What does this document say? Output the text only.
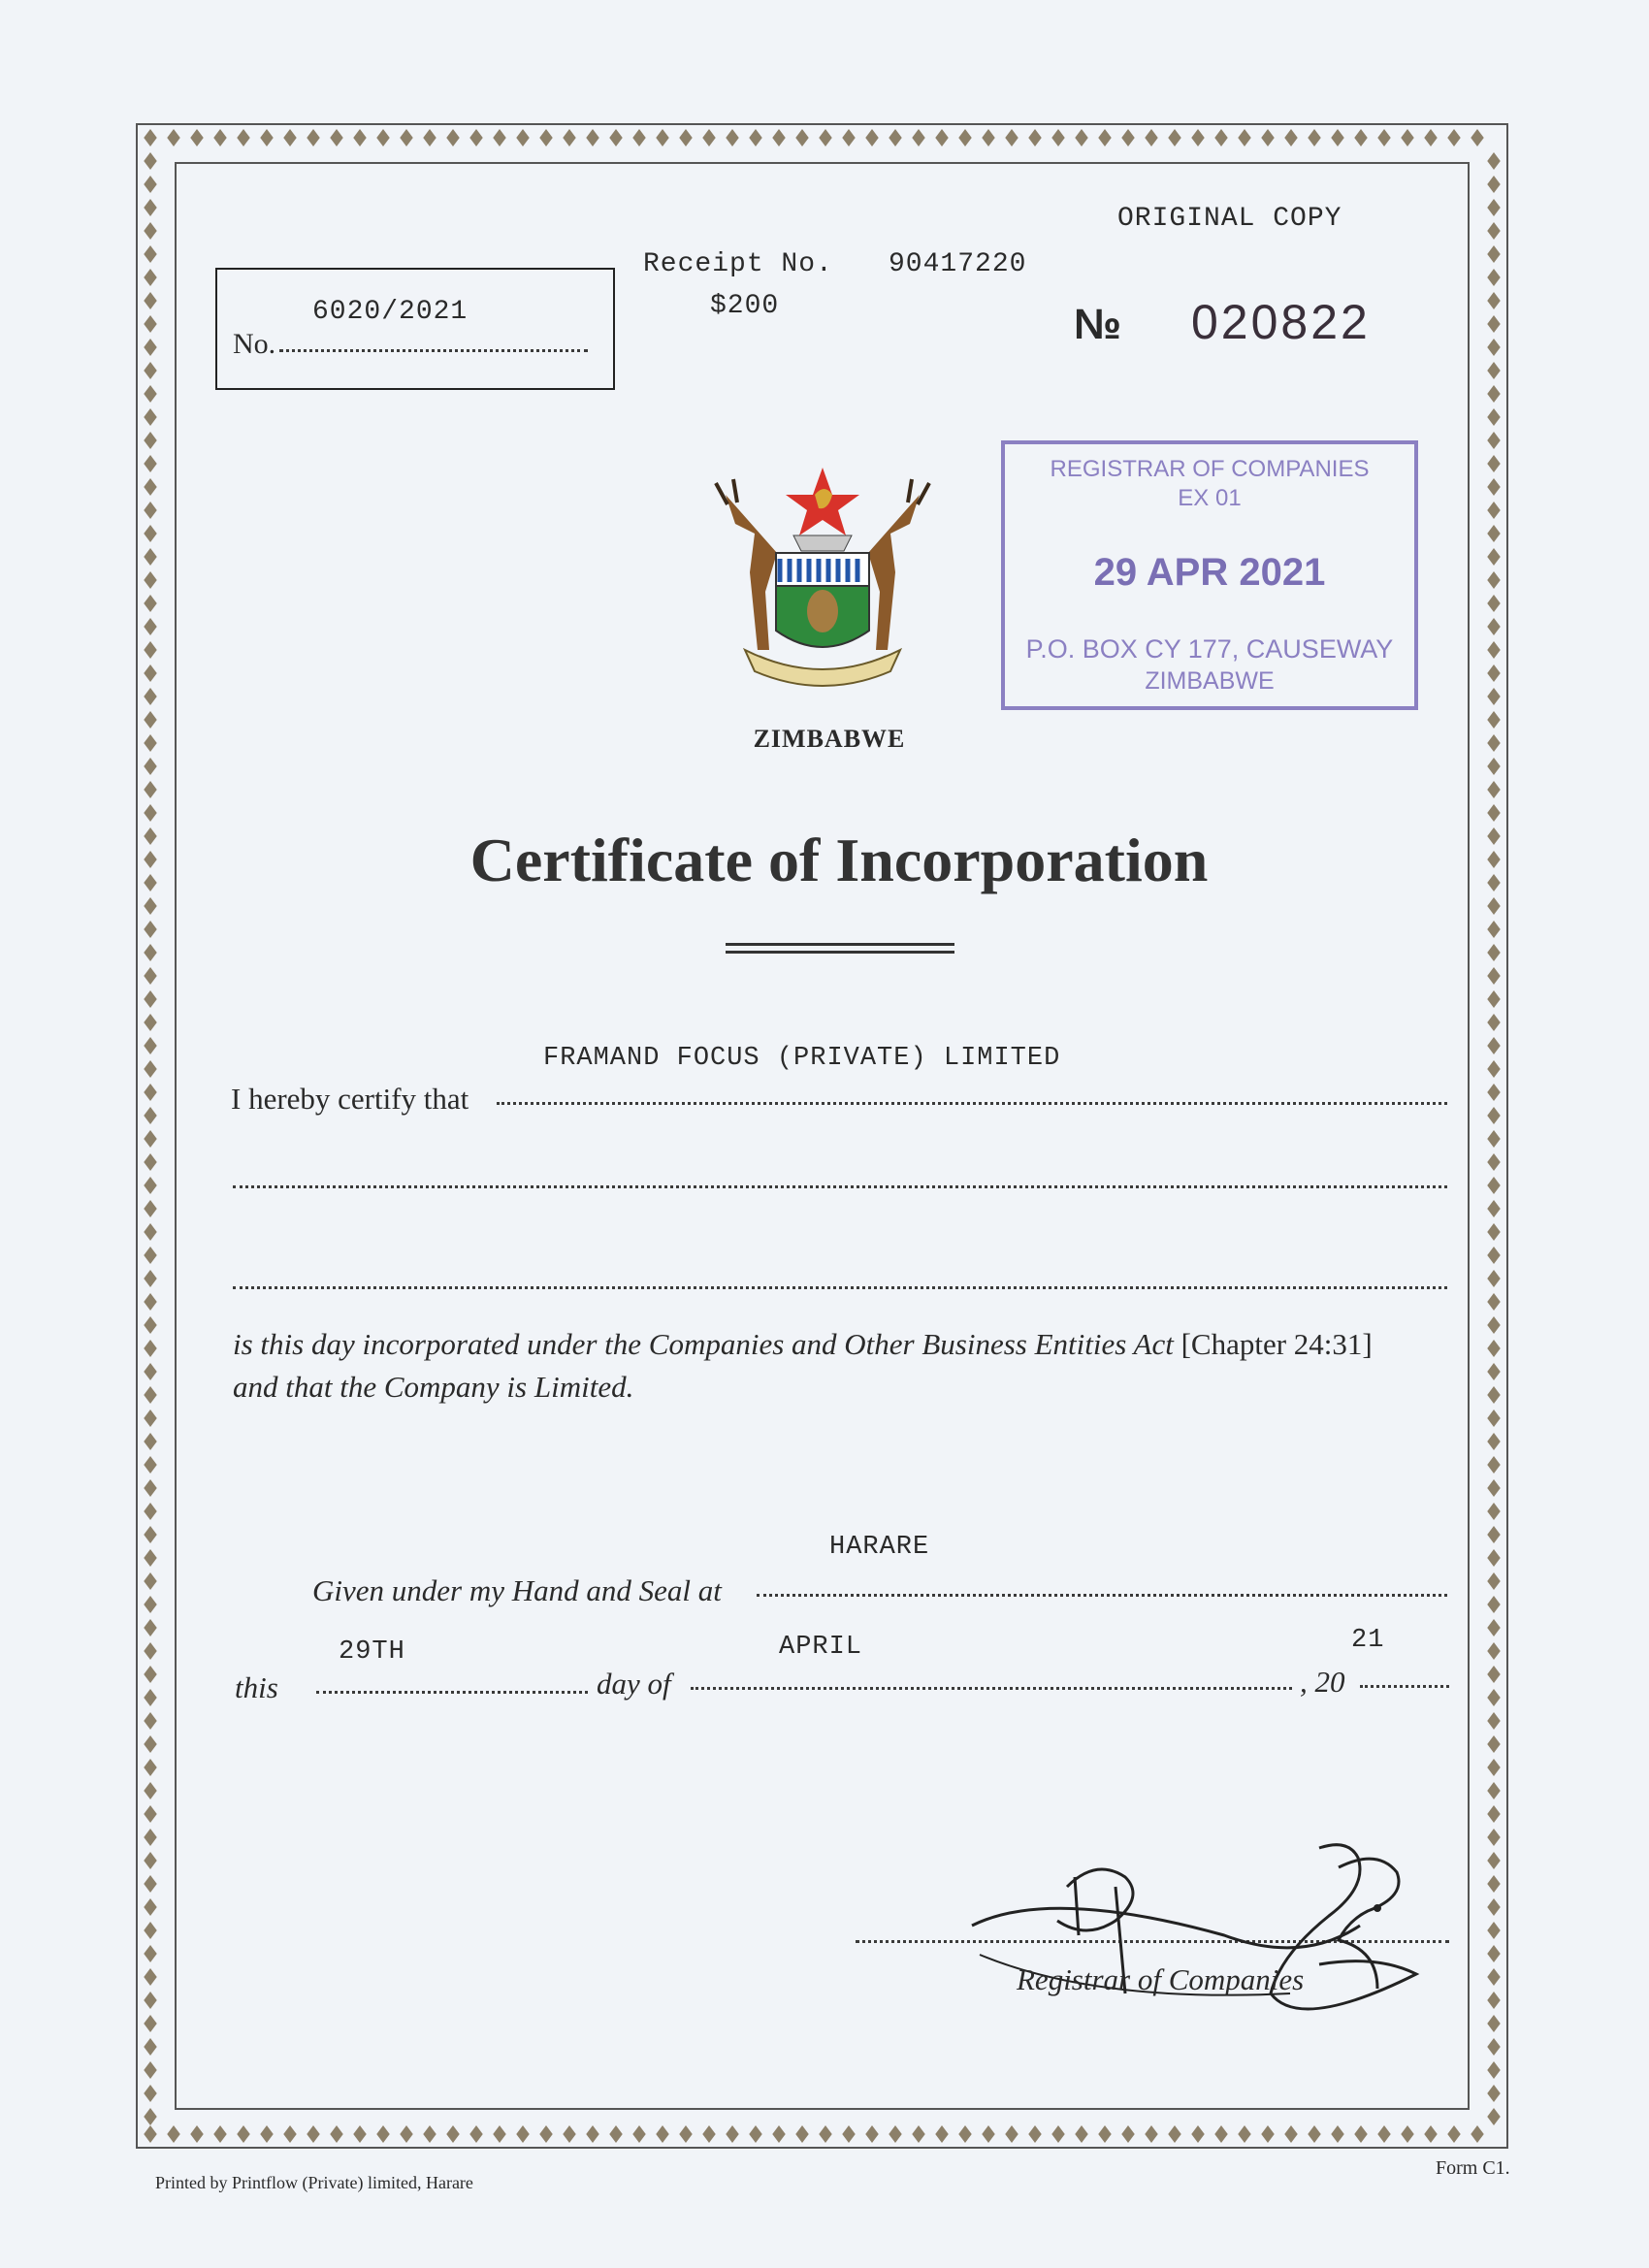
ORIGINAL COPY
Receipt No. 90417220
$200	№ 020822
No.
6020/2021
REGISTRAR OF COMPANIES
EX 01
29 APR 2021
P.O. BOX CY 177, CAUSEWAY
ZIMBABWE
ZIMBABWE
Certificate of Incorporation
I hereby certify that
FRAMAND FOCUS (PRIVATE) LIMITED
is this day incorporated under the Companies and Other Business Entities Act [Chapter 24:31]
and that the Company is Limited.
Given under my Hand and Seal at
HARARE
this
29TH
day of
APRIL
, 20
21
Registrar of Companies
Printed by Printflow (Private) limited, Harare
Form C1.
